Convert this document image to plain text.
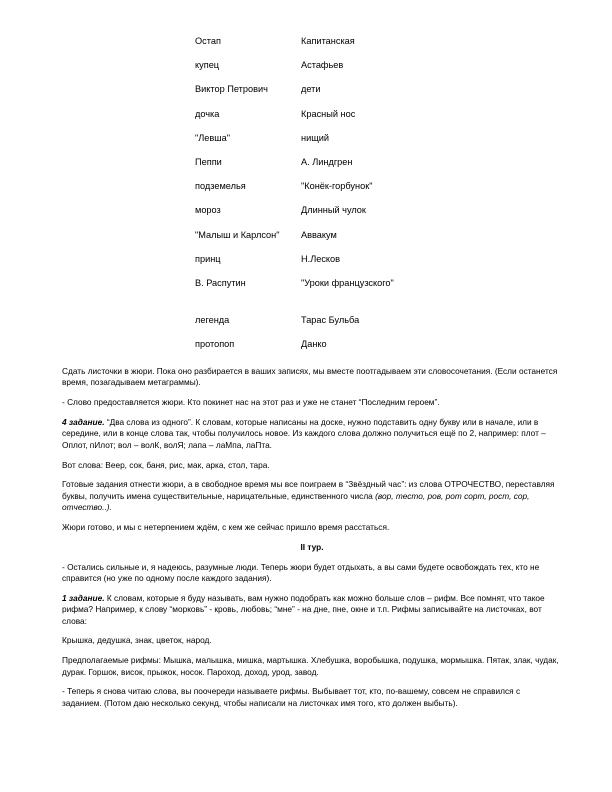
Остап	Капитанская
купец	Астафьев
Виктор Петрович	дети
дочка	Красный нос
"Левша"	нищий
Пеппи	А. Линдгрен
подземелья	"Конёк-горбунок"
мороз	Длинный чулок
"Малыш и Карлсон"	Аввакум
принц	Н.Лесков
В. Распутин	"Уроки французского"
легенда	Тарас Бульба
протопоп	Данко

Сдать листочки в жюри. Пока оно разбирается в ваших записях, мы вместе поотгадываем эти словосочетания. (Если останется время, позагадываем метаграммы).

- Слово предоставляется жюри. Кто покинет нас на этот раз и уже не станет “Последним героем”.

4 задание. “Два слова из одного”. К словам, которые написаны на доске, нужно подставить одну букву или в начале, или в середине, или в конце слова так, чтобы получилось новое. Из каждого слова должно получиться ещё по 2, например: плот – Оплот, пИлот; вол – волК, волЯ; лапа – лаМпа, лаПта.

Вот слова: Веер, сок, баня, рис, мак, арка, стол, тара.

Готовые задания отнести жюри, а в свободное время мы все поиграем в “Звёздный час”: из слова ОТРОЧЕСТВО, переставляя буквы, получить имена существительные, нарицательные, единственного числа (вор, тесто, ров, рот сорт, рост, сор, отчество..).

Жюри готово, и мы с нетерпением ждём, с кем же сейчас пришло время расстаться.

II тур.

- Остались сильные и, я надеюсь, разумные люди. Теперь жюри будет отдыхать, а вы сами будете освобождать тех, кто не справится (но уже по одному после каждого задания).

1 задание. К словам, которые я буду называть, вам нужно подобрать как можно больше слов – рифм. Все помнят, что такое рифма? Например, к слову “морковь” - кровь, любовь; “мне” - на дне, пне, окне и т.п. Рифмы записывайте на листочках, вот слова:

Крышка, дедушка, знак, цветок, народ.

Предполагаемые рифмы: Мышка, малышка, мишка, мартышка. Хлебушка, воробышка, подушка, мормышка. Пятак, злак, чудак, дурак. Горшок, висок, прыжок, носок. Пароход, доход, урод, завод.

- Теперь я снова читаю слова, вы поочереди называете рифмы. Выбывает тот, кто, по-вашему, совсем не справился с заданием. (Потом даю несколько секунд, чтобы написали на листочках имя того, кто должен выбыть).
